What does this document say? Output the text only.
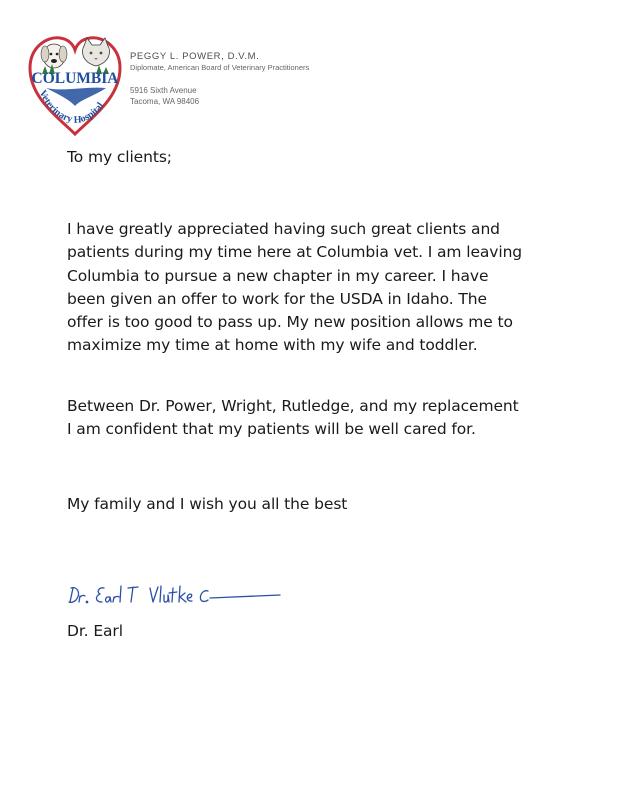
COLUMBIA
Veterinary Hospital
PEGGY L. POWER, D.V.M.
Diplomate, American Board of Veterinary Practitioners
5916 Sixth Avenue
Tacoma, WA 98406

To my clients;

I have greatly appreciated having such great clients and
patients during my time here at Columbia vet. I am leaving
Columbia to pursue a new chapter in my career. I have
been given an offer to work for the USDA in Idaho. The
offer is too good to pass up. My new position allows me to
maximize my time at home with my wife and toddler.

Between Dr. Power, Wright, Rutledge, and my replacement
I am confident that my patients will be well cared for.

My family and I wish you all the best

Dr. Earl
